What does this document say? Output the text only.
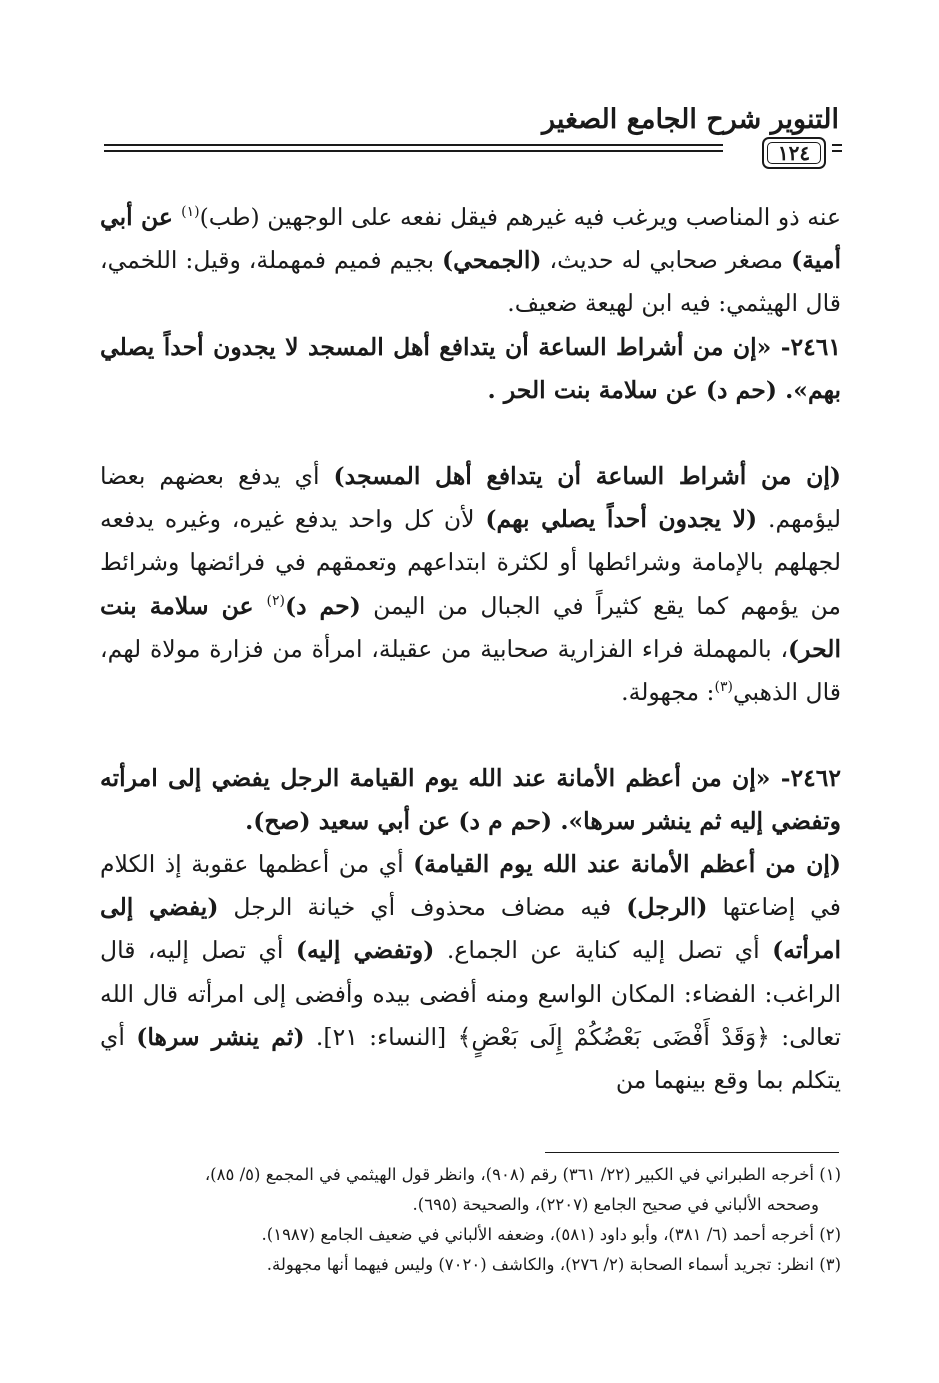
التنوير شرح الجامع الصغير
١٢٤

عنه ذو المناصب ويرغب فيه غيرهم فيقل نفعه على الوجهين (طب)$^{(١)}$ عن أبي أمية) مصغر صحابي له حديث، (الجمحي) بجيم فميم فمهملة، وقيل: اللخمي، قال الهيثمي: فيه ابن لهيعة ضعيف.

٢٤٦١- «إن من أشراط الساعة أن يتدافع أهل المسجد لا يجدون أحداً يصلي بهم». (حم د) عن سلامة بنت الحر .

(إن من أشراط الساعة أن يتدافع أهل المسجد) أي يدفع بعضهم بعضا ليؤمهم. (لا يجدون أحداً يصلي بهم) لأن كل واحد يدفع غيره، وغيره يدفعه لجهلهم بالإمامة وشرائطها أو لكثرة ابتداعهم وتعمقهم في فرائضها وشرائط من يؤمهم كما يقع كثيراً في الجبال من اليمن (حم د)$^{(٢)}$ عن سلامة بنت الحر)، بالمهملة فراء الفزارية صحابية من عقيلة، امرأة من فزارة مولاة لهم، قال الذهبي$^{(٣)}$: مجهولة.

٢٤٦٢- «إن من أعظم الأمانة عند الله يوم القيامة الرجل يفضي إلى امرأته وتفضي إليه ثم ينشر سرها». (حم م د) عن أبي سعيد (صح).

(إن من أعظم الأمانة عند الله يوم القيامة) أي من أعظمها عقوبة إذ الكلام في إضاعتها (الرجل) فيه مضاف محذوف أي خيانة الرجل (يفضي إلى امرأته) أي تصل إليه كناية عن الجماع. (وتفضي إليه) أي تصل إليه، قال الراغب: الفضاء: المكان الواسع ومنه أفضى بيده وأفضى إلى امرأته قال الله تعالى: ﴿وَقَدْ أَفْضَى بَعْضُكُمْ إِلَى بَعْضٍ﴾ [النساء: ٢١]. (ثم ينشر سرها) أي يتكلم بما وقع بينهما من

(١) أخرجه الطبراني في الكبير (٢٢/ ٣٦١) رقم (٩٠٨)، وانظر قول الهيثمي في المجمع (٥/ ٨٥)،

وصححه الألباني في صحيح الجامع (٢٢٠٧)، والصحيحة (٦٩٥).

(٢) أخرجه أحمد (٦/ ٣٨١)، وأبو داود (٥٨١)، وضعفه الألباني في ضعيف الجامع (١٩٨٧).

(٣) انظر: تجريد أسماء الصحابة (٢/ ٢٧٦)، والكاشف (٧٠٢٠) وليس فيهما أنها مجهولة.
